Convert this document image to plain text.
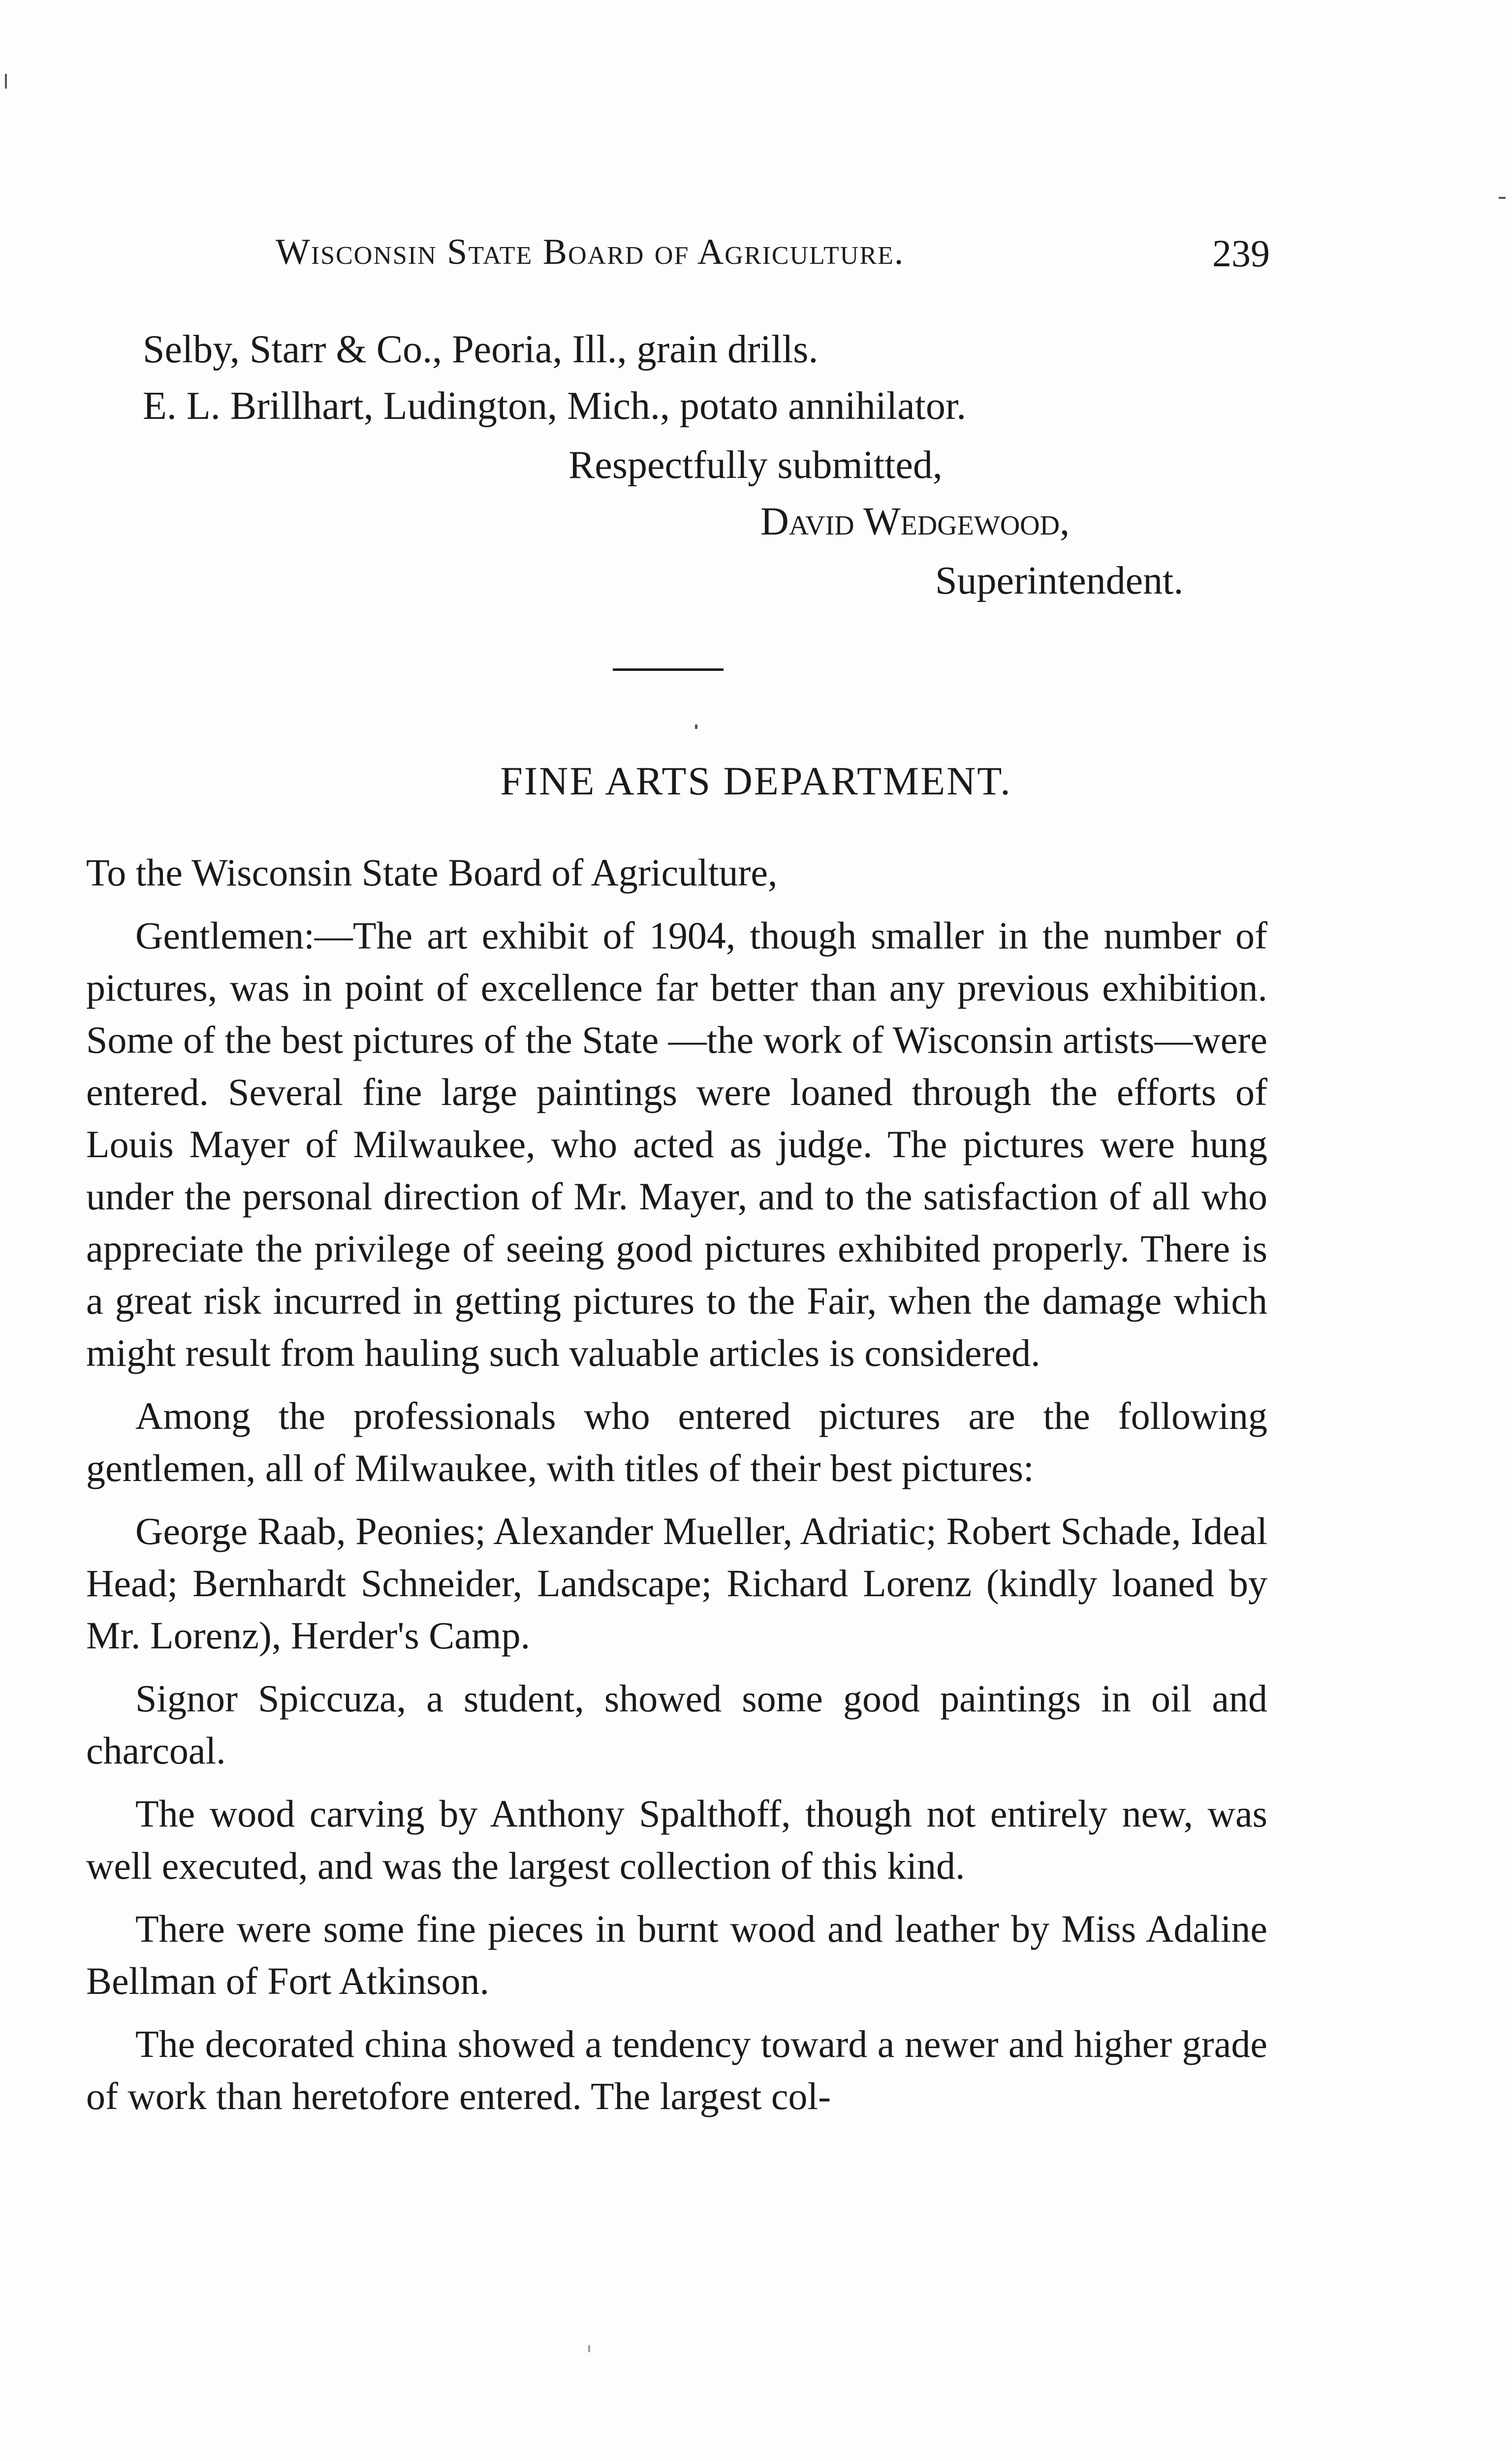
Wisconsin State Board of Agriculture.	239
Selby, Starr & Co., Peoria, Ill., grain drills.
E. L. Brillhart, Ludington, Mich., potato annihilator.
Respectfully submitted,
David Wedgewood,
Superintendent.
FINE ARTS DEPARTMENT.

To the Wisconsin State Board of Agriculture,

Gentlemen:—The art exhibit of 1904, though smaller in the number of pictures, was in point of excellence far better than any previous exhibition. Some of the best pictures of the State —the work of Wisconsin artists—were entered. Several fine large paintings were loaned through the efforts of Louis Mayer of Milwaukee, who acted as judge. The pictures were hung under the personal direction of Mr. Mayer, and to the satisfaction of all who appreciate the privilege of seeing good pictures exhibited properly. There is a great risk incurred in getting pictures to the Fair, when the damage which might result from hauling such valuable articles is considered.

Among the professionals who entered pictures are the following gentlemen, all of Milwaukee, with titles of their best pictures:

George Raab, Peonies; Alexander Mueller, Adriatic; Robert Schade, Ideal Head; Bernhardt Schneider, Landscape; Richard Lorenz (kindly loaned by Mr. Lorenz), Herder's Camp.

Signor Spiccuza, a student, showed some good paintings in oil and charcoal.

The wood carving by Anthony Spalthoff, though not entirely new, was well executed, and was the largest collection of this kind.

There were some fine pieces in burnt wood and leather by Miss Adaline Bellman of Fort Atkinson.

The decorated china showed a tendency toward a newer and higher grade of work than heretofore entered. The largest col-
